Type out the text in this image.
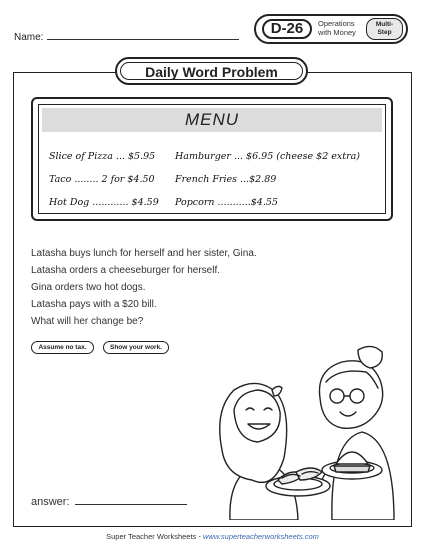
Name:
D-26	Operations
with Money
Multi-
Step
Daily Word Problem
MENU
Slice of Pizza ... $5.95 Hamburger ... $6.95 (cheese $2 extra)
Taco ........ 2 for $4.50 French Fries ...$2.89
Hot Dog ............ $4.59 Popcorn ...........$4.55
Latasha buys lunch for herself and her sister, Gina.
Latasha orders a cheeseburger for herself.
Gina orders two hot dogs.
Latasha pays with a $20 bill.
What will her change be?
Assume no tax.	Show your work.
answer:
Super Teacher Worksheets - www.superteacherworksheets.com
